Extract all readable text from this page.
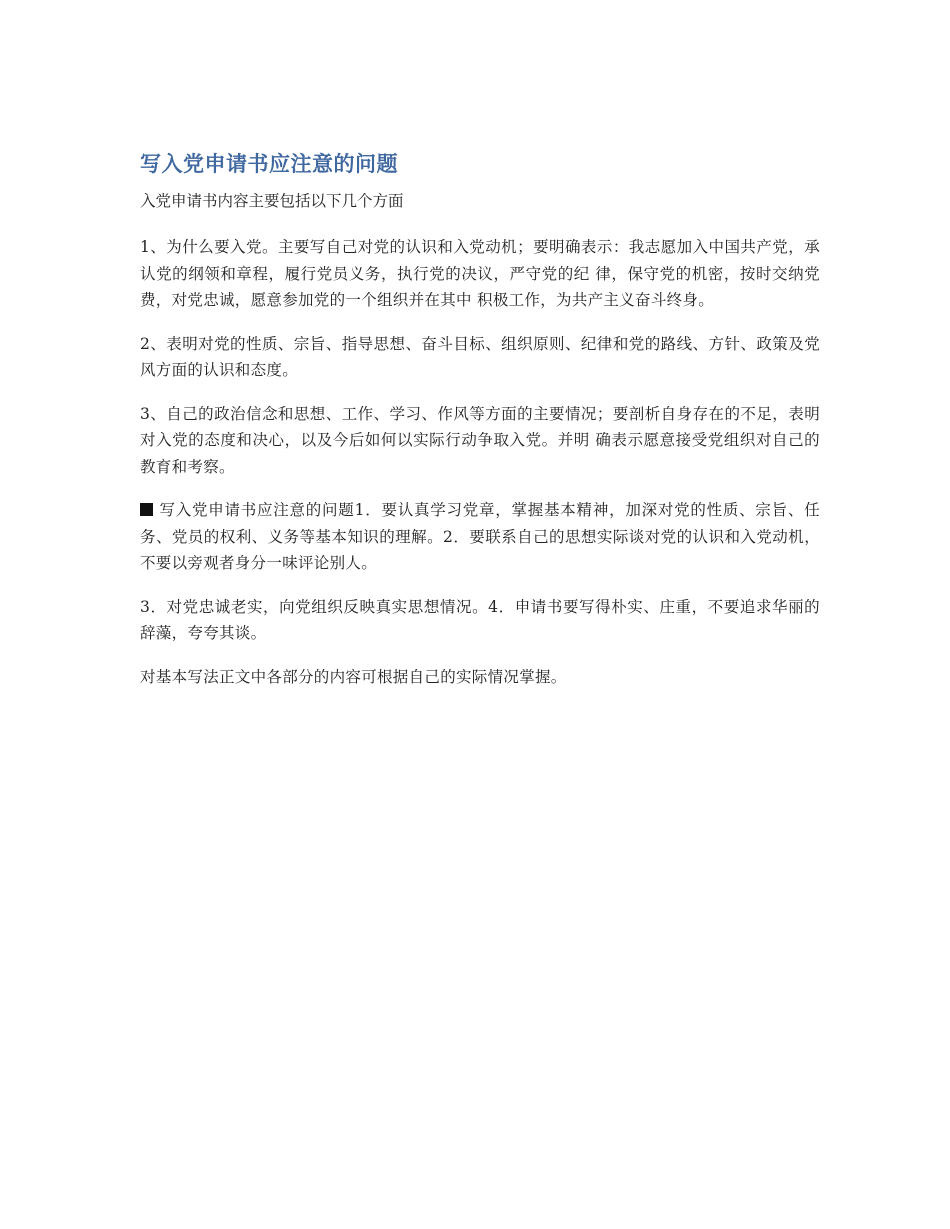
写入党申请书应注意的问题

入党申请书内容主要包括以下几个方面

1、为什么要入党。主要写自己对党的认识和入党动机；要明确表示：我志愿加入中国共产党，承认党的纲领和章程，履行党员义务，执行党的决议，严守党的纪 律，保守党的机密，按时交纳党费，对党忠诚，愿意参加党的一个组织并在其中 积极工作，为共产主义奋斗终身。

2、表明对党的性质、宗旨、指导思想、奋斗目标、组织原则、纪律和党的路线、方针、政策及党风方面的认识和态度。

3、自己的政治信念和思想、工作、学习、作风等方面的主要情况；要剖析自身存在的不足，表明对入党的态度和决心，以及今后如何以实际行动争取入党。并明 确表示愿意接受党组织对自己的教育和考察。

写入党申请书应注意的问题1．要认真学习党章，掌握基本精神，加深对党的性质、宗旨、任务、党员的权利、义务等基本知识的理解。2．要联系自己的思想实际谈对党的认识和入党动机，不要以旁观者身分一味评论别人。

3．对党忠诚老实，向党组织反映真实思想情况。4．申请书要写得朴实、庄重，不要追求华丽的辞藻，夸夸其谈。

对基本写法正文中各部分的内容可根据自己的实际情况掌握。
